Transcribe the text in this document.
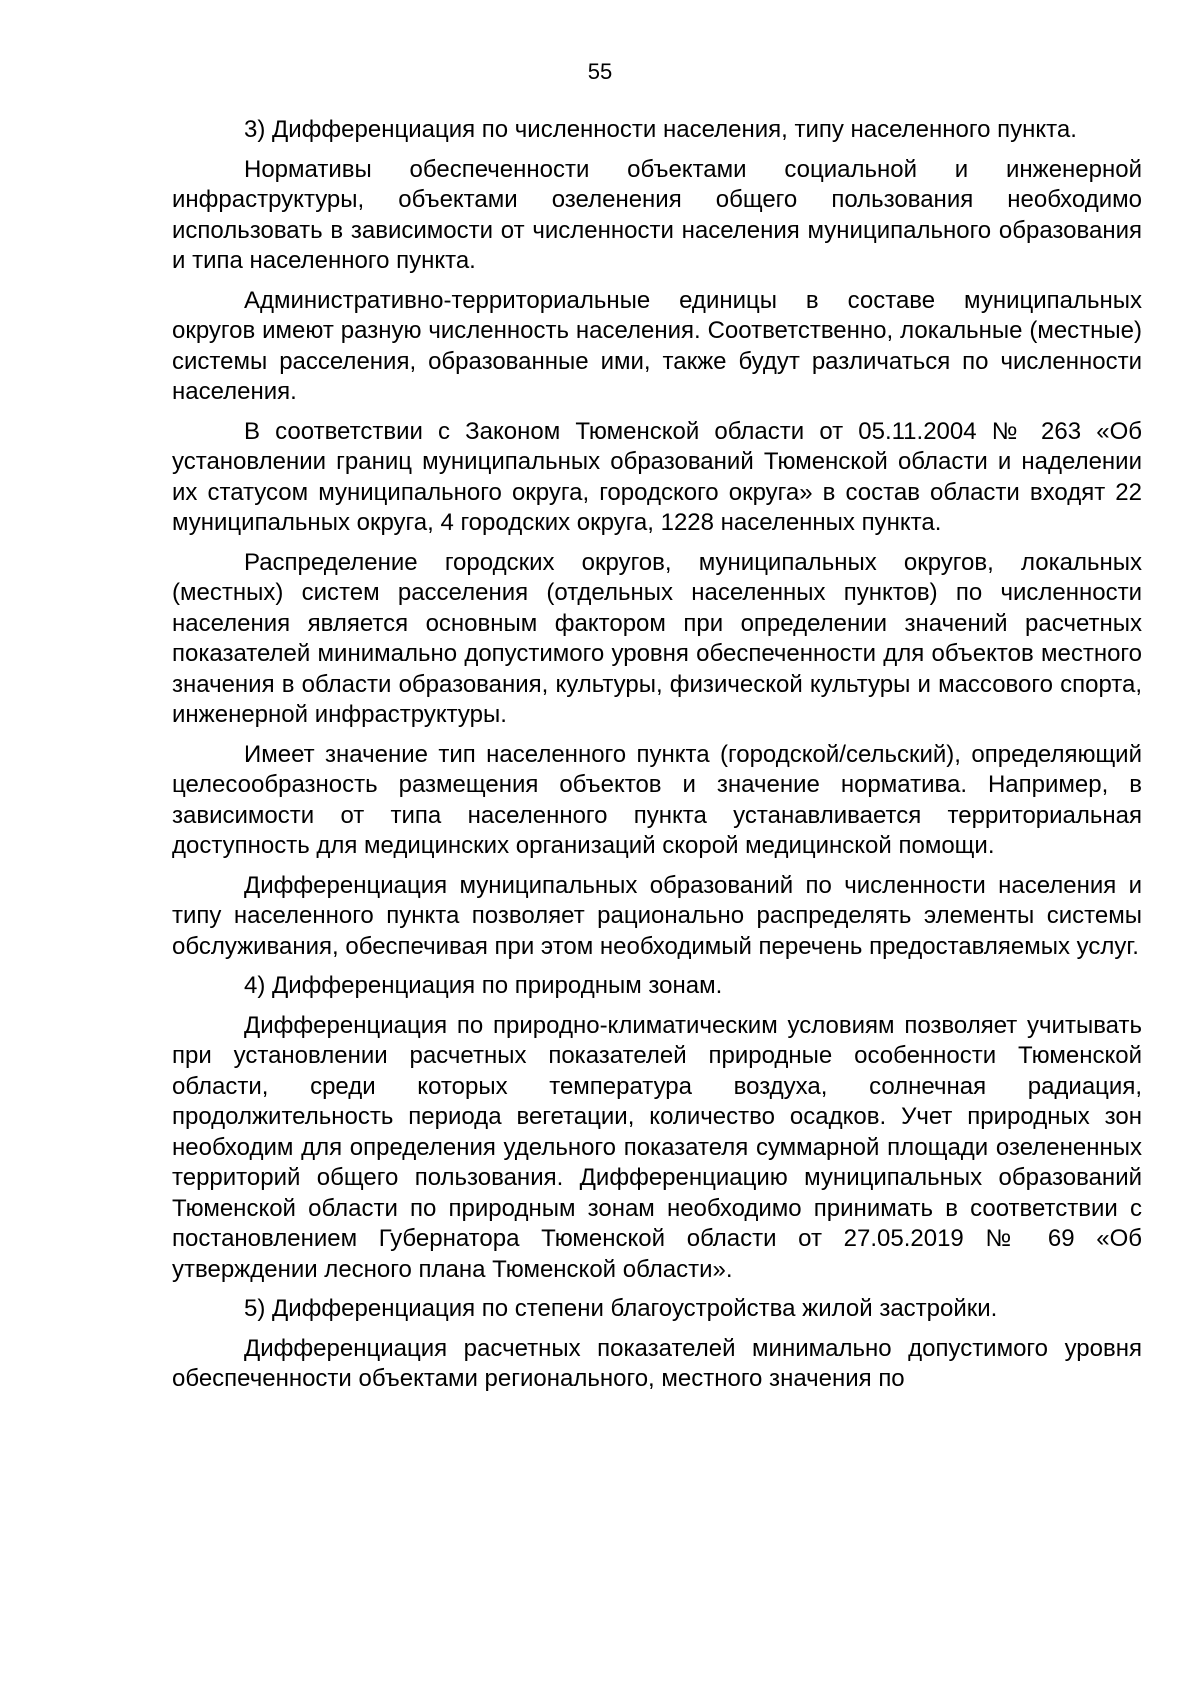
55

3) Дифференциация по численности населения, типу населенного пункта.

Нормативы обеспеченности объектами социальной и инженерной инфраструктуры, объектами озеленения общего пользования необходимо использовать в зависимости от численности населения муниципального образования и типа населенного пункта.

Административно-территориальные единицы в составе муниципальных округов имеют разную численность населения. Соответственно, локальные (местные) системы расселения, образованные ими, также будут различаться по численности населения.

В соответствии с Законом Тюменской области от 05.11.2004 № 263 «Об установлении границ муниципальных образований Тюменской области и наделении их статусом муниципального округа, городского округа» в состав области входят 22 муниципальных округа, 4 городских округа, 1228 населенных пункта.

Распределение городских округов, муниципальных округов, локальных (местных) систем расселения (отдельных населенных пунктов) по численности населения является основным фактором при определении значений расчетных показателей минимально допустимого уровня обеспеченности для объектов местного значения в области образования, культуры, физической культуры и массового спорта, инженерной инфраструктуры.

Имеет значение тип населенного пункта (городской/сельский), определяющий целесообразность размещения объектов и значение норматива. Например, в зависимости от типа населенного пункта устанавливается территориальная доступность для медицинских организаций скорой медицинской помощи.

Дифференциация муниципальных образований по численности населения и типу населенного пункта позволяет рационально распределять элементы системы обслуживания, обеспечивая при этом необходимый перечень предоставляемых услуг.

4) Дифференциация по природным зонам.

Дифференциация по природно-климатическим условиям позволяет учитывать при установлении расчетных показателей природные особенности Тюменской области, среди которых температура воздуха, солнечная радиация, продолжительность периода вегетации, количество осадков. Учет природных зон необходим для определения удельного показателя суммарной площади озелененных территорий общего пользования. Дифференциацию муниципальных образований Тюменской области по природным зонам необходимо принимать в соответствии с постановлением Губернатора Тюменской области от 27.05.2019 № 69 «Об утверждении лесного плана Тюменской области».

5) Дифференциация по степени благоустройства жилой застройки.

Дифференциация расчетных показателей минимально допустимого уровня обеспеченности объектами регионального, местного значения по
